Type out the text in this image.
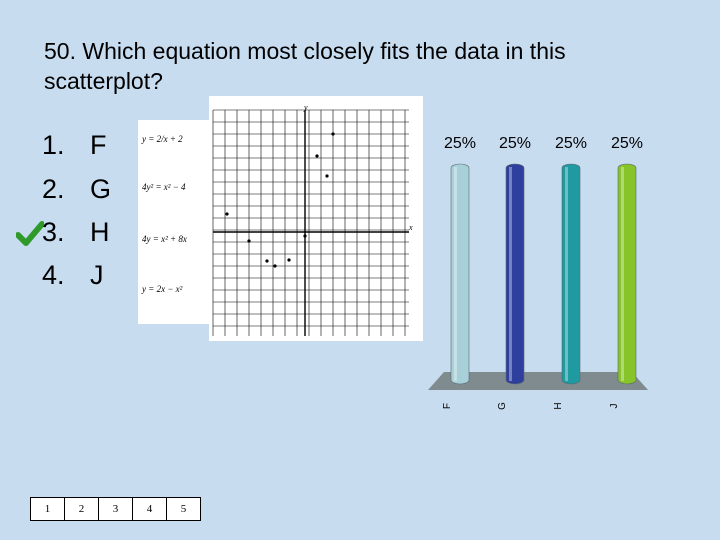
50. Which equation most closely fits the data in this scatterplot?
1. F
2. G
3. H
4. J
y = 2/x + 2
4y² = x² − 4
4y = x² + 8x
y = 2x − x²
x
y
25% 25% 25% 25%
F	G	H	J
1	2	3	4	5
